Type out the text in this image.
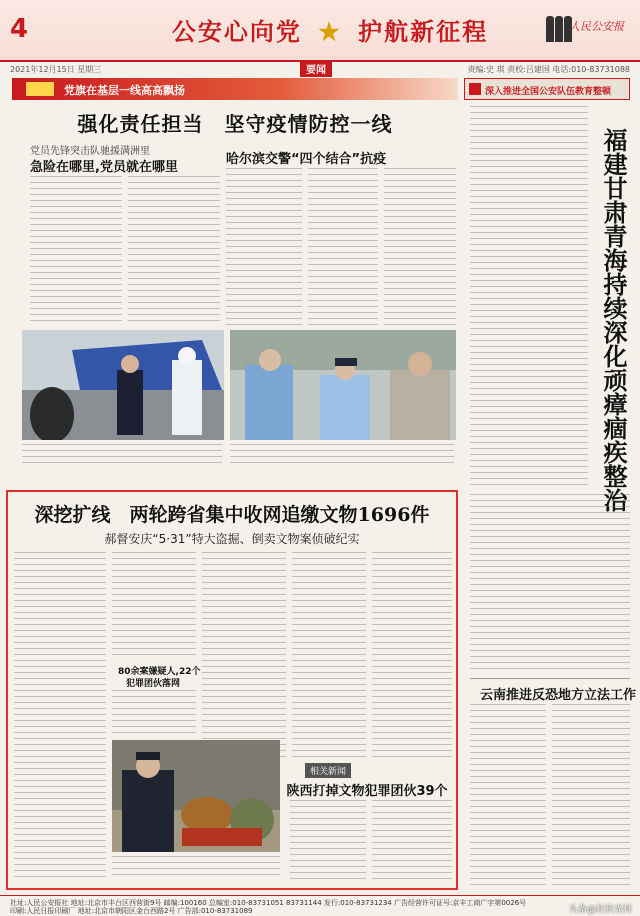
4	公安心向党 ★ 护航新征程	人民公安报
2021年12月15日 星期三	要闻	责编:史 琪 责校:吕建国 电话:010-83731088
党旗在基层一线高高飘扬	深入推进全国公安队伍教育整顿
强化责任担当　坚守疫情防控一线
党员先锋突击队驰援满洲里
急险在哪里,党员就在哪里
哈尔滨交警“四个结合”抗疫	福建甘肃青海持续深化顽瘴痼疾整治
云南推进反恐地方立法工作
深挖扩线　两轮跨省集中收网追缴文物1696件
郝督安庆“5·31”特大盗掘、倒卖文物案侦破纪实
80余案嫌疑人,22个
犯罪团伙落网
相关新闻
陕西打掉文物犯罪团伙39个
社址:人民公安报社 地址:北京市丰台区西营街9号 邮编:100160 总编室:010-83731051 83731144 发行:010-83731234 广告经营许可证号:京丰工商广字第0026号
印刷:人民日报印刷厂 地址:北京市朝阳区金台西路2号 广告部:010-83731089	头条@杜秋光林
